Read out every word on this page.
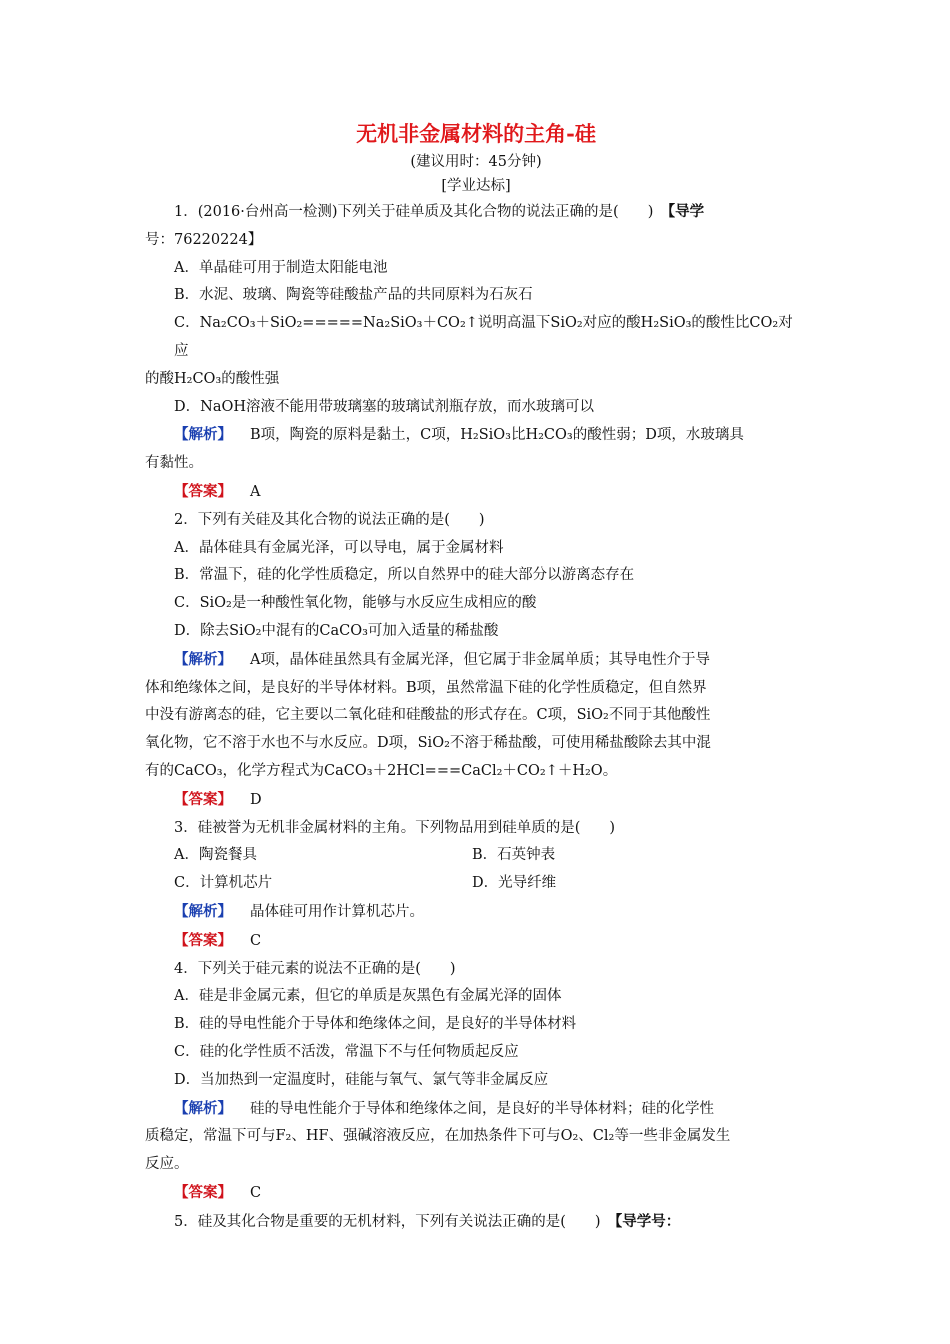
无机非金属材料的主角-硅

(建议用时：45分钟)

[学业达标]

1．(2016·台州高一检测)下列关于硅单质及其化合物的说法正确的是(　　)　【导学

号：76220224】

A．单晶硅可用于制造太阳能电池

B．水泥、玻璃、陶瓷等硅酸盐产品的共同原料为石灰石

C．Na₂CO₃＋SiO₂=====Na₂SiO₃＋CO₂↑说明高温下SiO₂对应的酸H₂SiO₃的酸性比CO₂对应

的酸H₂CO₃的酸性强

D．NaOH溶液不能用带玻璃塞的玻璃试剂瓶存放，而水玻璃可以

【解析】 B项，陶瓷的原料是黏土，C项，H₂SiO₃比H₂CO₃的酸性弱；D项，水玻璃具

有黏性。

【答案】 A

2．下列有关硅及其化合物的说法正确的是(　　)

A．晶体硅具有金属光泽，可以导电，属于金属材料

B．常温下，硅的化学性质稳定，所以自然界中的硅大部分以游离态存在

C．SiO₂是一种酸性氧化物，能够与水反应生成相应的酸

D．除去SiO₂中混有的CaCO₃可加入适量的稀盐酸

【解析】 A项，晶体硅虽然具有金属光泽，但它属于非金属单质；其导电性介于导

体和绝缘体之间，是良好的半导体材料。B项，虽然常温下硅的化学性质稳定，但自然界

中没有游离态的硅，它主要以二氧化硅和硅酸盐的形式存在。C项，SiO₂不同于其他酸性

氧化物，它不溶于水也不与水反应。D项，SiO₂不溶于稀盐酸，可使用稀盐酸除去其中混

有的CaCO₃，化学方程式为CaCO₃＋2HCl===CaCl₂＋CO₂↑＋H₂O。

【答案】 D

3．硅被誉为无机非金属材料的主角。下列物品用到硅单质的是(　　)

A．陶瓷餐具	B．石英钟表
C．计算机芯片	D．光导纤维

【解析】 晶体硅可用作计算机芯片。

【答案】 C

4．下列关于硅元素的说法不正确的是(　　)

A．硅是非金属元素，但它的单质是灰黑色有金属光泽的固体

B．硅的导电性能介于导体和绝缘体之间，是良好的半导体材料

C．硅的化学性质不活泼，常温下不与任何物质起反应

D．当加热到一定温度时，硅能与氧气、氯气等非金属反应

【解析】 硅的导电性能介于导体和绝缘体之间，是良好的半导体材料；硅的化学性

质稳定，常温下可与F₂、HF、强碱溶液反应，在加热条件下可与O₂、Cl₂等一些非金属发生

反应。

【答案】 C

5．硅及其化合物是重要的无机材料，下列有关说法正确的是(　　)　【导学号：
